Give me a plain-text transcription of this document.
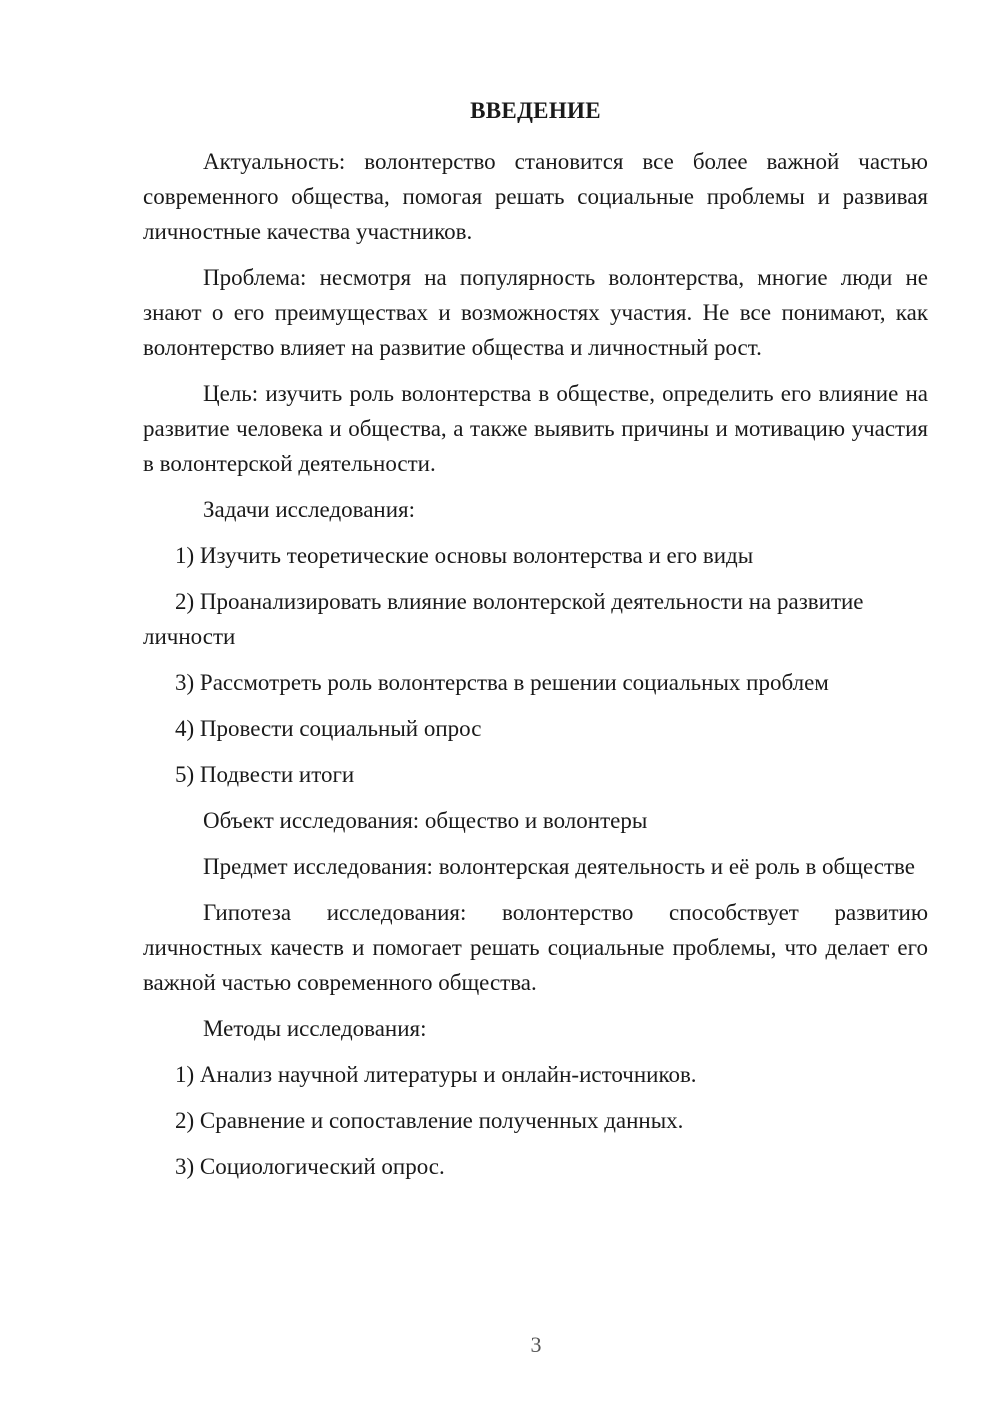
ВВЕДЕНИЕ

Актуальность: волонтерство становится все более важной частью современного общества, помогая решать социальные проблемы и развивая личностные качества участников.

Проблема: несмотря на популярность волонтерства, многие люди не знают о его преимуществах и возможностях участия. Не все понимают, как волонтерство влияет на развитие общества и личностный рост.

Цель: изучить роль волонтерства в обществе, определить его влияние на развитие человека и общества, а также выявить причины и мотивацию участия в волонтерской деятельности.

Задачи исследования:

1) Изучить теоретические основы волонтерства и его виды

2) Проанализировать влияние волонтерской деятельности на развитие личности

3) Рассмотреть роль волонтерства в решении социальных проблем

4) Провести социальный опрос

5) Подвести итоги

Объект исследования: общество и волонтеры

Предмет исследования: волонтерская деятельность и её роль в обществе

Гипотеза исследования: волонтерство способствует развитию личностных качеств и помогает решать социальные проблемы, что делает его важной частью современного общества.

Методы исследования:

1) Анализ научной литературы и онлайн-источников.

2) Сравнение и сопоставление полученных данных.

3) Социологический опрос.

3
